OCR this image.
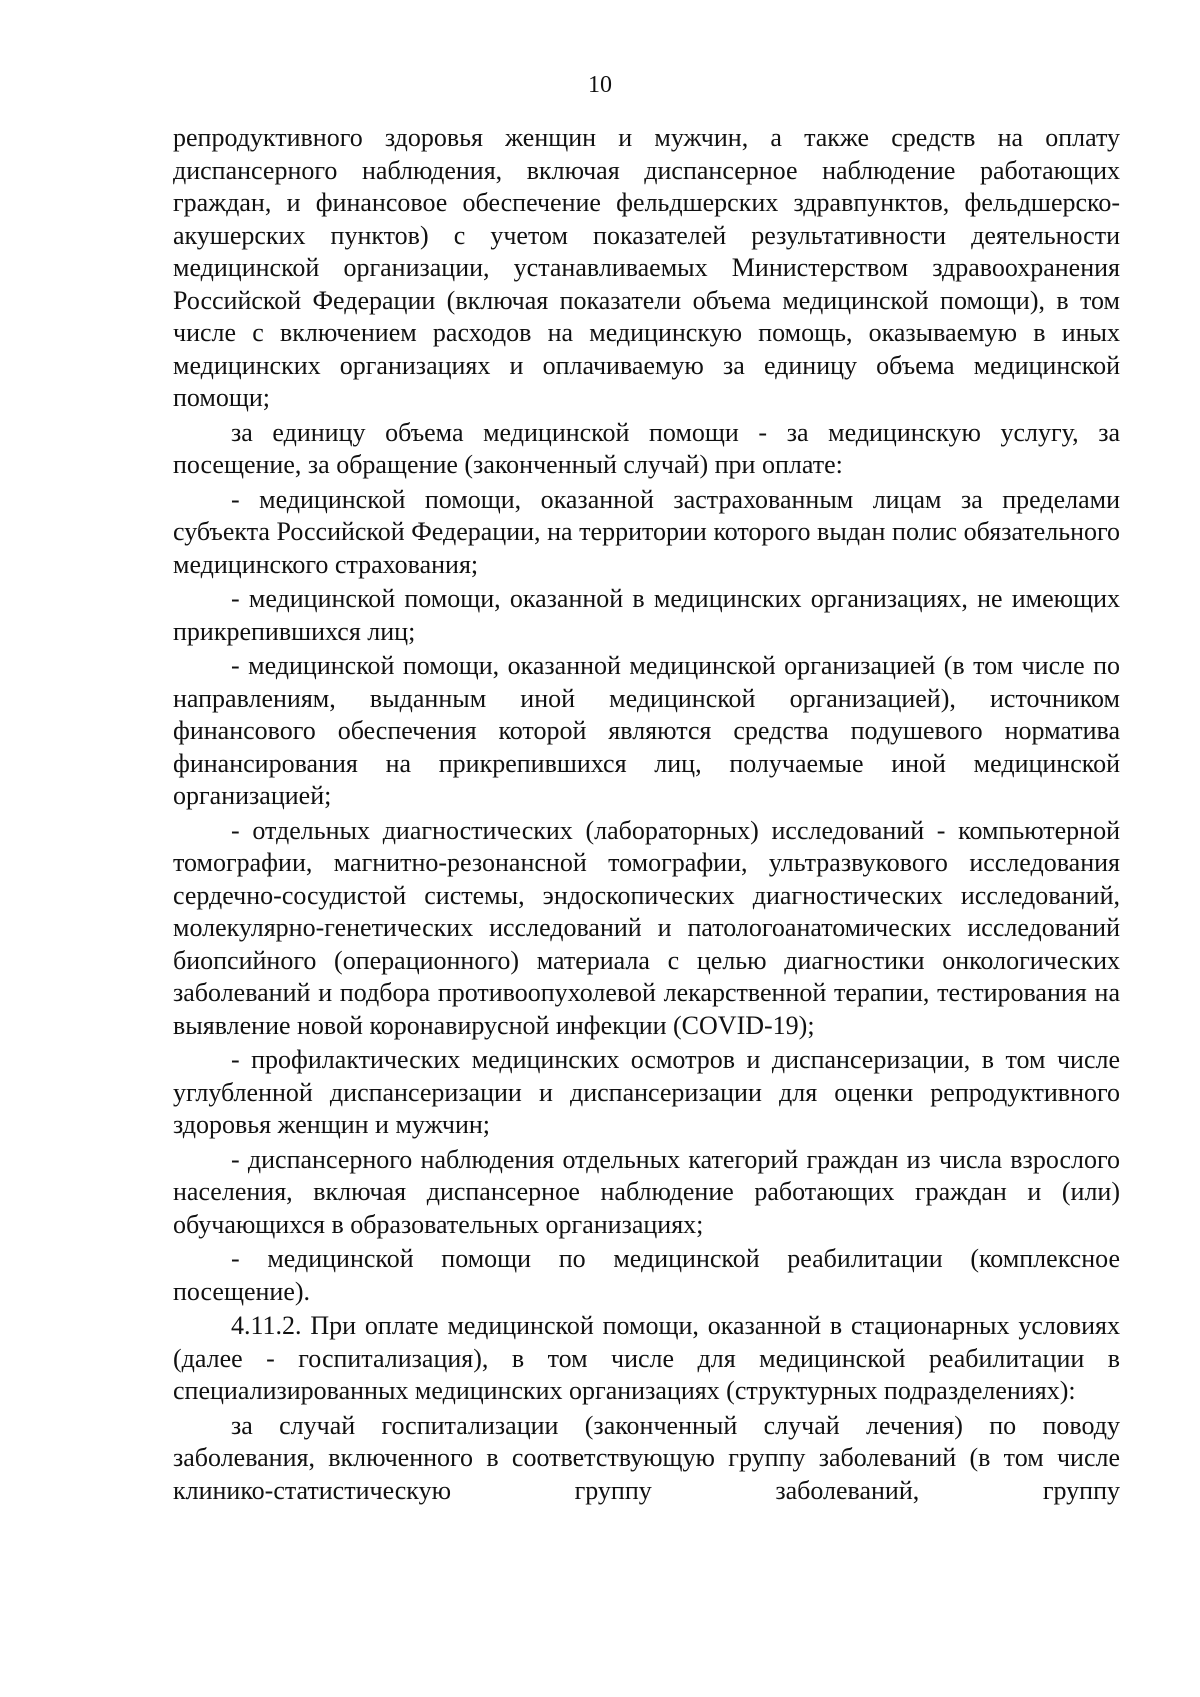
10

репродуктивного здоровья женщин и мужчин, а также средств на оплату диспансерного наблюдения, включая диспансерное наблюдение работающих граждан, и финансовое обеспечение фельдшерских здравпунктов, фельдшерско-акушерских пунктов) с учетом показателей результативности деятельности медицинской организации, устанавливаемых Министерством здравоохранения Российской Федерации (включая показатели объема медицинской помощи), в том числе с включением расходов на медицинскую помощь, оказываемую в иных медицинских организациях и оплачиваемую за единицу объема медицинской помощи;

за единицу объема медицинской помощи - за медицинскую услугу, за посещение, за обращение (законченный случай) при оплате:

- медицинской помощи, оказанной застрахованным лицам за пределами субъекта Российской Федерации, на территории которого выдан полис обязательного медицинского страхования;

- медицинской помощи, оказанной в медицинских организациях, не имеющих прикрепившихся лиц;

- медицинской помощи, оказанной медицинской организацией (в том числе по направлениям, выданным иной медицинской организацией), источником финансового обеспечения которой являются средства подушевого норматива финансирования на прикрепившихся лиц, получаемые иной медицинской организацией;

- отдельных диагностических (лабораторных) исследований - компьютерной томографии, магнитно-резонансной томографии, ультразвукового исследования сердечно-сосудистой системы, эндоскопических диагностических исследований, молекулярно-генетических исследований и патологоанатомических исследований биопсийного (операционного) материала с целью диагностики онкологических заболеваний и подбора противоопухолевой лекарственной терапии, тестирования на выявление новой коронавирусной инфекции (COVID-19);

- профилактических медицинских осмотров и диспансеризации, в том числе углубленной диспансеризации и диспансеризации для оценки репродуктивного здоровья женщин и мужчин;

- диспансерного наблюдения отдельных категорий граждан из числа взрослого населения, включая диспансерное наблюдение работающих граждан и (или) обучающихся в образовательных организациях;

- медицинской помощи по медицинской реабилитации (комплексное посещение).

4.11.2. При оплате медицинской помощи, оказанной в стационарных условиях (далее - госпитализация), в том числе для медицинской реабилитации в специализированных медицинских организациях (структурных подразделениях):

за случай госпитализации (законченный случай лечения) по поводу заболевания, включенного в соответствующую группу заболеваний (в том числе клинико-статистическую группу заболеваний, группу
